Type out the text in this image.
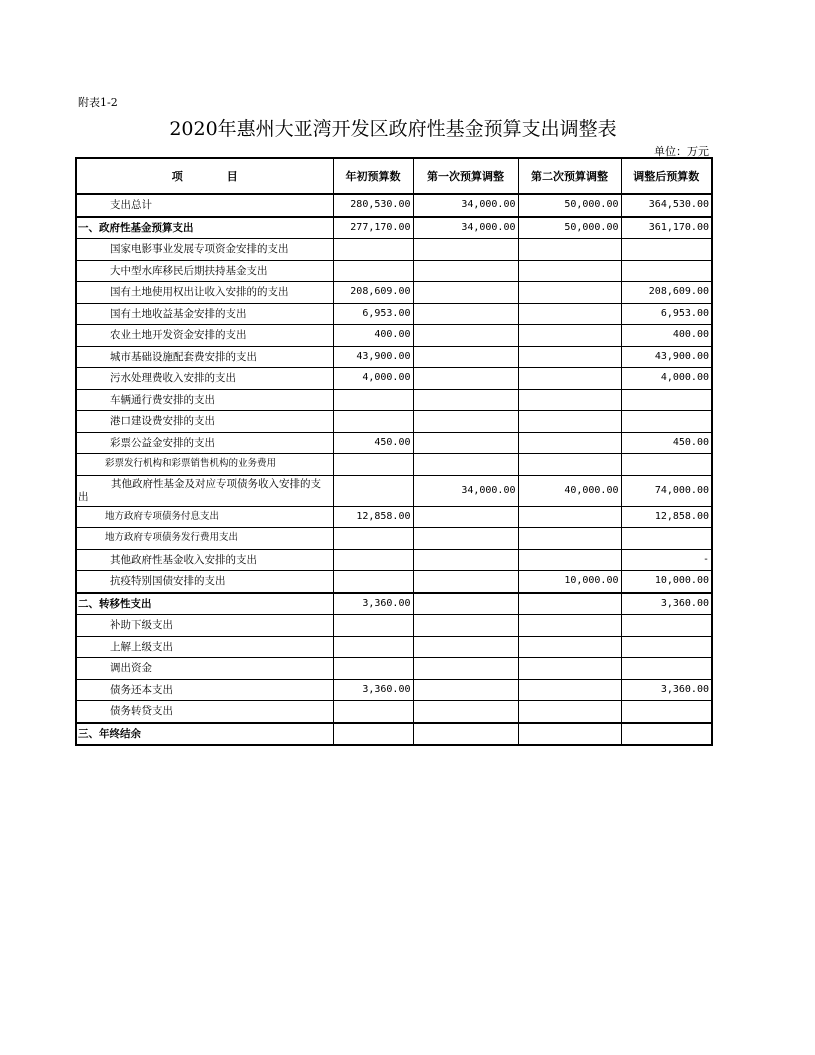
附表1-2
2020年惠州大亚湾开发区政府性基金预算支出调整表
单位：万元
项　　　　目	年初预算数	第一次预算调整	第二次预算调整	调整后预算数
支出总计	280,530.00	34,000.00	50,000.00	364,530.00
一、政府性基金预算支出	277,170.00	34,000.00	50,000.00	361,170.00
国家电影事业发展专项资金安排的支出				
大中型水库移民后期扶持基金支出				
国有土地使用权出让收入安排的的支出	208,609.00			208,609.00
国有土地收益基金安排的支出	6,953.00			6,953.00
农业土地开发资金安排的支出	400.00			400.00
城市基础设施配套费安排的支出	43,900.00			43,900.00
污水处理费收入安排的支出	4,000.00			4,000.00
车辆通行费安排的支出				
港口建设费安排的支出				
彩票公益金安排的支出	450.00			450.00
彩票发行机构和彩票销售机构的业务费用				
其他政府性基金及对应专项债务收入安排的支出		34,000.00	40,000.00	74,000.00
地方政府专项债务付息支出	12,858.00			12,858.00
地方政府专项债务发行费用支出				
其他政府性基金收入安排的支出				-
抗疫特别国债安排的支出			10,000.00	10,000.00
二、转移性支出	3,360.00			3,360.00
补助下级支出				
上解上级支出				
调出资金				
债务还本支出	3,360.00			3,360.00
债务转贷支出				
三、年终结余				
